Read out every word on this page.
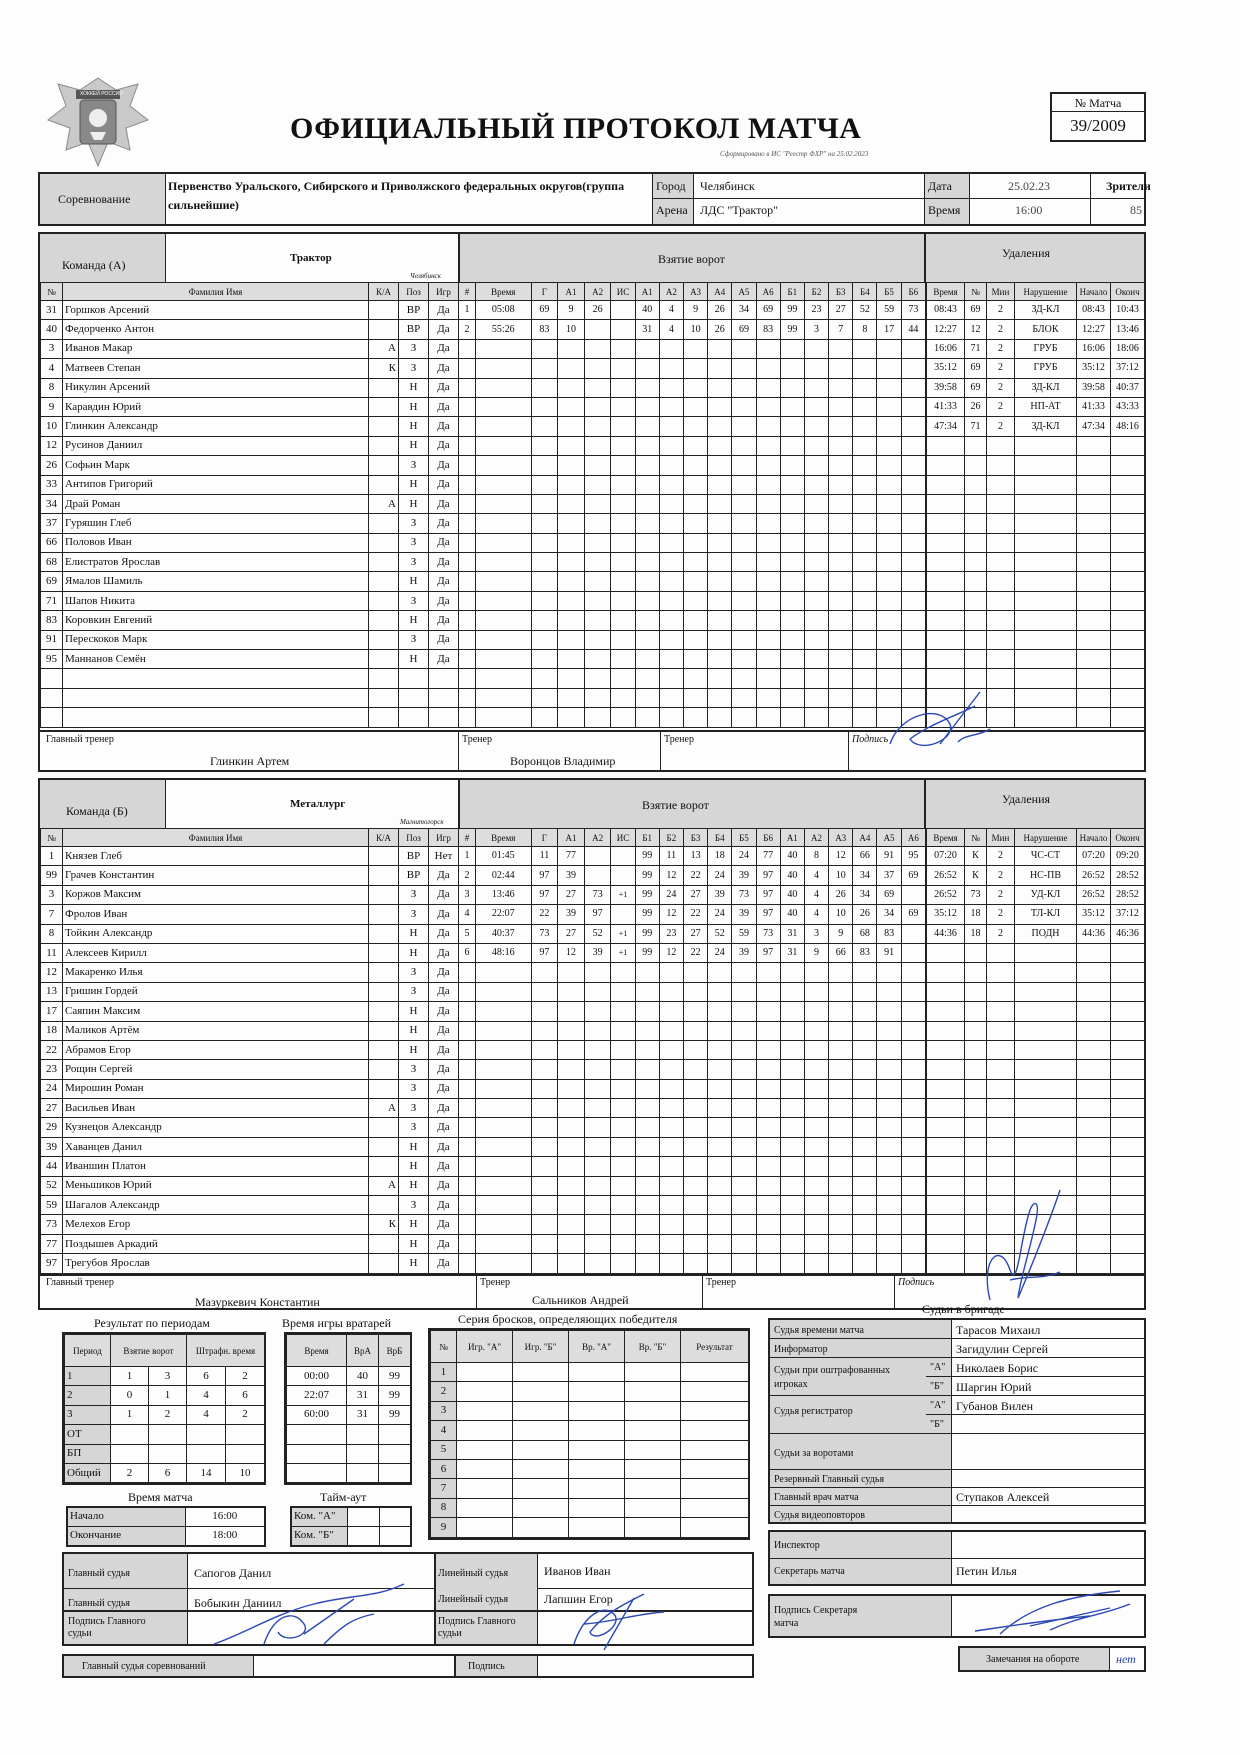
ХОККЕЙ РОССИИ
ОФИЦИАЛЬНЫЙ ПРОТОКОЛ МАТЧА
Сформировано в ИС "Реестр ФХР" на 25.02.2023
№ Матча
39/2009
Соревнование
Первенство Уральского, Сибирского и Приволжского федеральных округов(группа сильнейшие)
Город
Арена
Челябинск
ЛДС "Трактор"
Дата
Время
25.02.23
16:00
Зрители
85
Команда (А)	Трактор
Челябинск
Взятие ворот	Удаления
№	Фамилия Имя	К/А	Поз	Игр
31	Горшков Арсений		ВР	Да
40	Федорченко Антон		ВР	Да
3	Иванов Макар	А	З	Да
4	Матвеев Степан	К	З	Да
8	Никулин Арсений		Н	Да
9	Каравдин Юрий		Н	Да
10	Глинкин Александр		Н	Да
12	Русинов Даниил		Н	Да
26	Софьин Марк		З	Да
33	Антипов Григорий		Н	Да
34	Драй Роман	А	Н	Да
37	Гуряшин Глеб		З	Да
66	Половов Иван		З	Да
68	Елистратов Ярослав		З	Да
69	Ямалов Шамиль		Н	Да
71	Шапов Никита		З	Да
83	Коровкин Евгений		Н	Да
91	Перескоков Марк		З	Да
95	Маннанов Семён		Н	Да

#	Время	Г	А1	А2	ИС	А1	А2	А3	А4	А5	А6	Б1	Б2	Б3	Б4	Б5	Б6
1	05:08	69	9	26		40	4	9	26	34	69	99	23	27	52	59	73
2	55:26	83	10			31	4	10	26	69	83	99	3	7	8	17	44

Время	№	Мин	Нарушение	Начало	Оконч
08:43	69	2	ЗД-КЛ	08:43	10:43
12:27	12	2	БЛОК	12:27	13:46
16:06	71	2	ГРУБ	16:06	18:06
35:12	69	2	ГРУБ	35:12	37:12
39:58	69	2	ЗД-КЛ	39:58	40:37
41:33	26	2	НП-АТ	41:33	43:33
47:34	71	2	ЗД-КЛ	47:34	48:16

Главный тренер
Глинкин Артем
Тренер
Воронцов Владимир
Тренер	Подпись
Команда (Б)	Металлург
Магнитогорск
Взятие ворот	Удаления
№	Фамилия Имя	К/А	Поз	Игр
1	Князев Глеб		ВР	Нет
99	Грачев Константин		ВР	Да
3	Коржов Максим		З	Да
7	Фролов Иван		З	Да
8	Тойкин Александр		Н	Да
11	Алексеев Кирилл		Н	Да
12	Макаренко Илья		З	Да
13	Гришин Гордей		З	Да
17	Саяпин Максим		Н	Да
18	Маликов Артём		Н	Да
22	Абрамов Егор		Н	Да
23	Рощин Сергей		З	Да
24	Мирошин Роман		З	Да
27	Васильев Иван	А	З	Да
29	Кузнецов Александр		З	Да
39	Хаванцев Данил		Н	Да
44	Иваншин Платон		Н	Да
52	Меньшиков Юрий	А	Н	Да
59	Шагалов Александр		З	Да
73	Мелехов Егор	К	Н	Да
77	Поздышев Аркадий		Н	Да
97	Трегубов Ярослав		Н	Да
#	Время	Г	А1	А2	ИС	Б1	Б2	Б3	Б4	Б5	Б6	А1	А2	А3	А4	А5	А6
1	01:45	11	77			99	11	13	18	24	77	40	8	12	66	91	95
2	02:44	97	39			99	12	22	24	39	97	40	4	10	34	37	69
3	13:46	97	27	73	+1	99	24	27	39	73	97	40	4	26	34	69	
4	22:07	22	39	97		99	12	22	24	39	97	40	4	10	26	34	69
5	40:37	73	27	52	+1	99	23	27	52	59	73	31	3	9	68	83	
6	48:16	97	12	39	+1	99	12	22	24	39	97	31	9	66	83	91	

Время	№	Мин	Нарушение	Начало	Оконч
07:20	К	2	ЧС-СТ	07:20	09:20
26:52	К	2	НС-ПВ	26:52	28:52
26:52	73	2	УД-КЛ	26:52	28:52
35:12	18	2	ТЛ-КЛ	35:12	37:12
44:36	18	2	ПОДН	44:36	46:36

Главный тренер
Мазуркевич Константин
Тренер
Сальников Андрей
Тренер	Подпись
Результат по периодам
Период	Взятие ворот		Штрафн. время	
1	1	3	6	2
2	0	1	4	6
3	1	2	4	2
ОТ				
БП				
Общий	2	6	14	10
Время игры вратарей
Время	ВрА	ВрБ
00:00	40	99
22:07	31	99
60:00	31	99

Серия бросков, определяющих победителя
№	Игр. "А"	Игр. "Б"	Вр. "А"	Вр. "Б"	Результат
1					
2					
3					
4					
5					
6					
7					
8					
9					
Время матча
Начало	16:00
Окончание	18:00
Тайм-аут
Ком. "А"		
Ком. "Б"		
Судьи в бригаде
Судья времени матча	Тарасов Михаил
Информатор	Загидулин Сергей
Судьи при оштрафованных игроках
"А" Николаев Борис
"Б" Шаргин Юрий
Судья регистратор
"А" Губанов Вилен
"Б"
Судьи за воротами
Резервный Главный судья
Главный врач матча	Ступаков Алексей
Судья видеоповторов
Инспектор
Секретарь матча	Петин Илья
Подпись Секретаря матча
Замечания на обороте	нет
Главный судья	Сапогов Данил
Главный судья	Бобыкин Даниил
Линейный судья	Иванов Иван
Линейный судья	Лапшин Егор
Подпись Главного судьи
Подпись Главного судьи
Главный судья соревнований	Подпись
